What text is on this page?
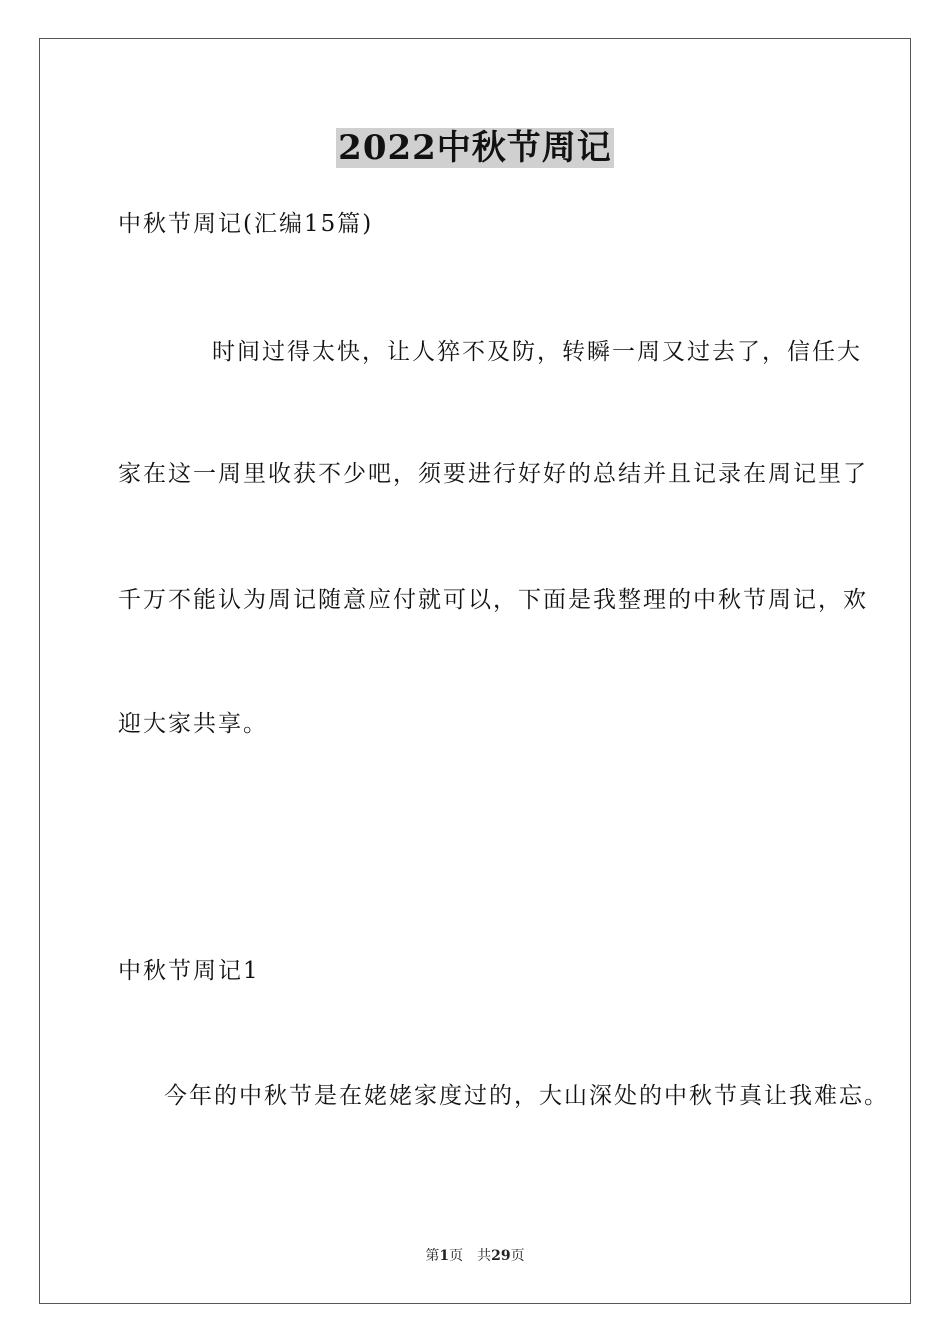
2022中秋节周记
中秋节周记(汇编15篇)
时间过得太快，让人猝不及防，转瞬一周又过去了，信任大
家在这一周里收获不少吧，须要进行好好的总结并且记录在周记里了
千万不能认为周记随意应付就可以，下面是我整理的中秋节周记，欢
迎大家共享。
中秋节周记1
今年的中秋节是在姥姥家度过的，大山深处的中秋节真让我难忘。
第1页 共29页
